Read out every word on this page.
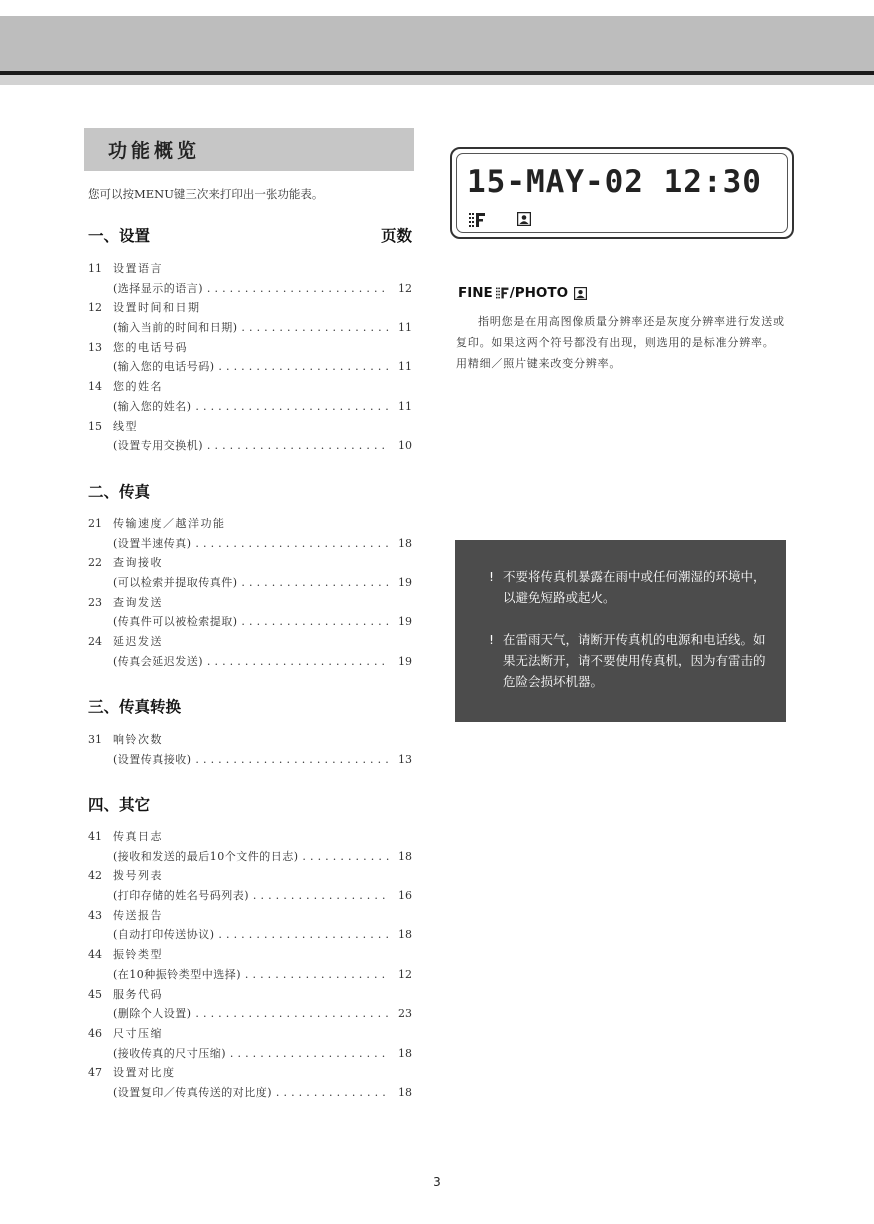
功能概览
您可以按MENU键三次来打印出一张功能表。
一、设置	页数
11	设置语言
(选择显示的语言) . . .	12
12	设置时间和日期
(输入当前的时间和日期) . . .	11
13	您的电话号码
(输入您的电话号码) . . .	11
14	您的姓名
(输入您的姓名) . . .	11
15	线型
(设置专用交换机) . . .	10
二、传真
21	传输速度／越洋功能
(设置半速传真) . . .	18
22	查询接收
(可以检索并提取传真件) . . .	19
23	查询发送
(传真件可以被检索提取) . . .	19
24	延迟发送
(传真会延迟发送) . . .	19
三、传真转换
31	响铃次数
(设置传真接收) . . .	13
四、其它
41	传真日志
(接收和发送的最后10个文件的日志) . . .	18
42	拨号列表
(打印存储的姓名号码列表) . . .	16
43	传送报告
(自动打印传送协议) . . .	18
44	振铃类型
(在10种振铃类型中选择) . . .	12
45	服务代码
(删除个人设置) . . .	23
46	尺寸压缩
(接收传真的尺寸压缩) . . .	18
47	设置对比度
(设置复印／传真传送的对比度) . . .	18
15-MAY-02 12:30
FINE /PHOTO
指明您是在用高图像质量分辨率还是灰度分辨率进行发送或复印。如果这两个符号都没有出现，则选用的是标准分辨率。用精细／照片键来改变分辨率。
! 不要将传真机暴露在雨中或任何潮湿的环境中，以避免短路或起火。
! 在雷雨天气，请断开传真机的电源和电话线。如果无法断开，请不要使用传真机，因为有雷击的危险会损坏机器。
3
